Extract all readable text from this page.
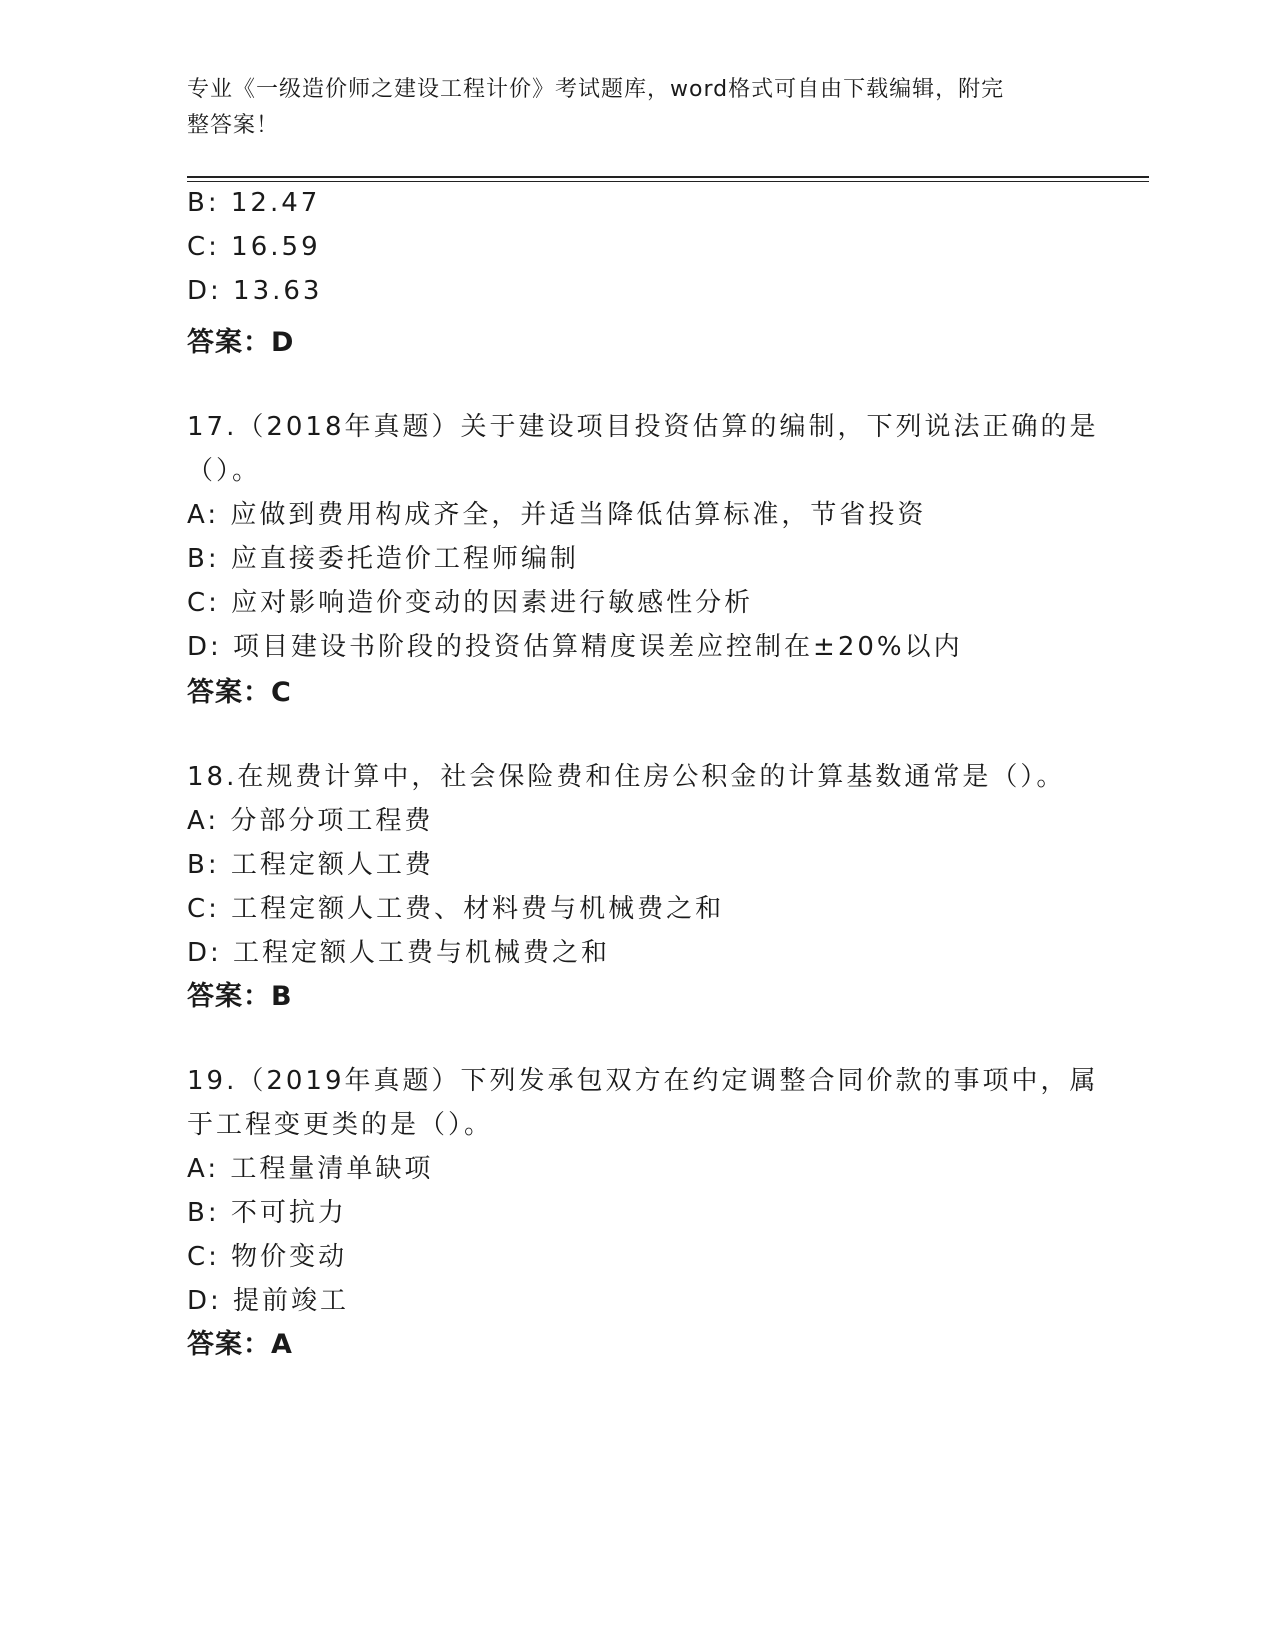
专业《一级造价师之建设工程计价》考试题库，word格式可自由下载编辑，附完
整答案！
B: 12.47
C: 16.59
D: 13.63
答案：D
17.（2018年真题）关于建设项目投资估算的编制，下列说法正确的是
（）。
A: 应做到费用构成齐全，并适当降低估算标准，节省投资
B: 应直接委托造价工程师编制
C: 应对影响造价变动的因素进行敏感性分析
D: 项目建设书阶段的投资估算精度误差应控制在±20%以内
答案：C
18.在规费计算中，社会保险费和住房公积金的计算基数通常是（）。
A: 分部分项工程费
B: 工程定额人工费
C: 工程定额人工费、材料费与机械费之和
D: 工程定额人工费与机械费之和
答案：B
19.（2019年真题）下列发承包双方在约定调整合同价款的事项中，属
于工程变更类的是（）。
A: 工程量清单缺项
B: 不可抗力
C: 物价变动
D: 提前竣工
答案：A
